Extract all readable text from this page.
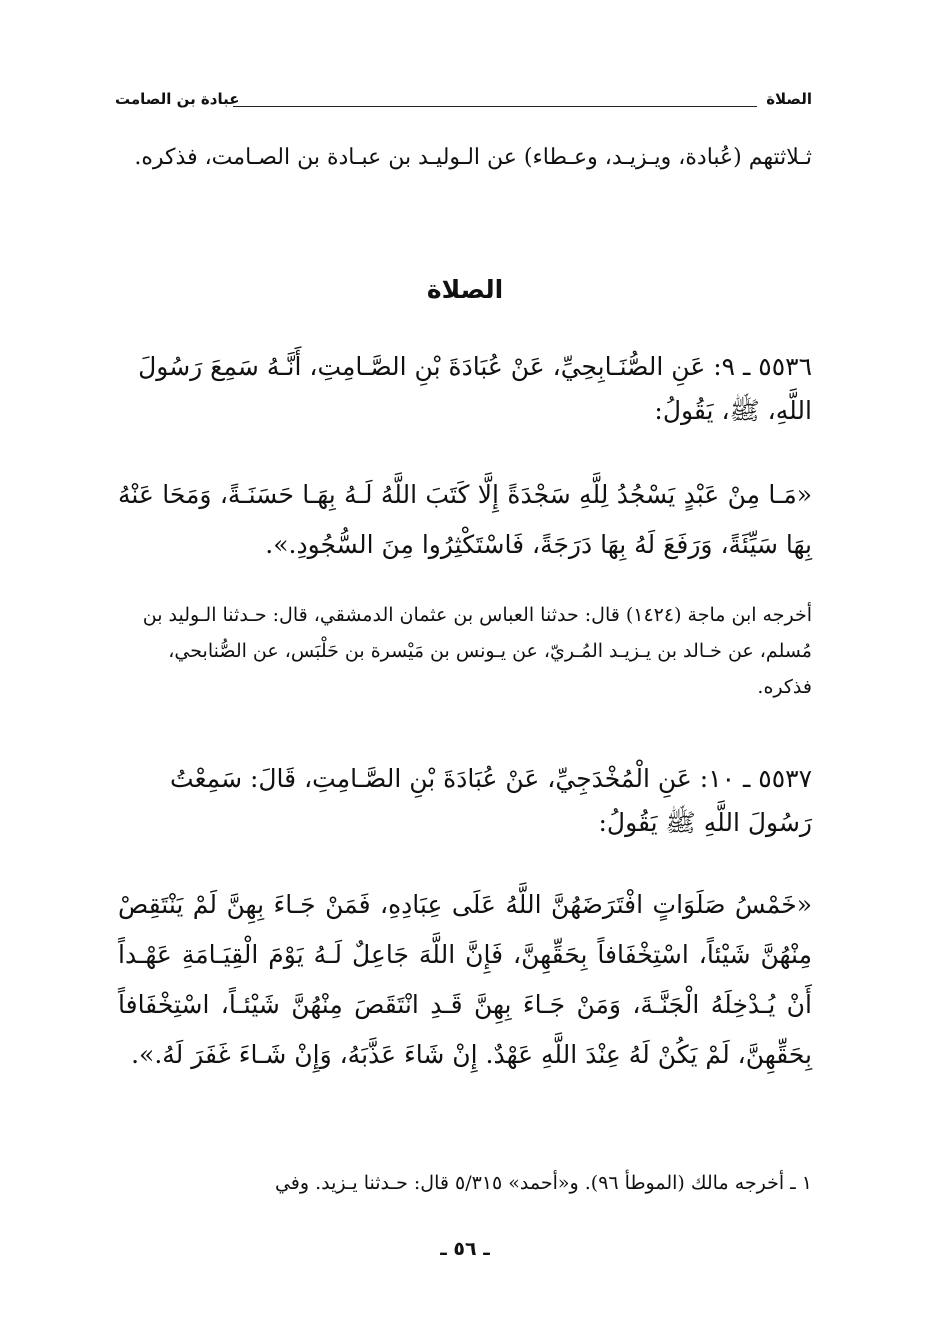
الصلاة
عبادة بن الصامت

ثـلاثتهم (عُبادة، ويـزيـد، وعـطاء) عن الـوليـد بن عبـادة بن الصـامت، فذكره.

الصلاة

٥٥٣٦ ـ ٩: عَنِ الصُّنَـابِحِيِّ، عَنْ عُبَادَةَ بْنِ الصَّـامِتِ، أَنَّـهُ سَمِعَ رَسُولَ اللَّهِ، ﷺ، يَقُولُ:

«مَـا مِنْ عَبْدٍ يَسْجُدُ لِلَّهِ سَجْدَةً إِلَّا كَتَبَ اللَّهُ لَـهُ بِهَـا حَسَنَـةً، وَمَحَا عَنْهُ بِهَا سَيِّئَةً، وَرَفَعَ لَهُ بِهَا دَرَجَةً، فَاسْتَكْثِرُوا مِنَ السُّجُودِ.».

أخرجه ابن ماجة (١٤٢٤) قال: حدثنا العباس بن عثمان الدمشقي، قال: حـدثنا الـوليد بن مُسلم، عن خـالد بن يـزيـد المُـريّ، عن يـونس بن مَيْسرة بن حَلْبَس، عن الصُّنابحي، فذكره.

٥٥٣٧ ـ ١٠: عَنِ الْمُخْدَجِيِّ، عَنْ عُبَادَةَ بْنِ الصَّـامِتِ، قَالَ: سَمِعْتُ رَسُولَ اللَّهِ ﷺ يَقُولُ:

«خَمْسُ صَلَوَاتٍ افْتَرَضَهُنَّ اللَّهُ عَلَى عِبَادِهِ، فَمَنْ جَـاءَ بِهِنَّ لَمْ يَنْتَقِصْ مِنْهُنَّ شَيْئاً، اسْتِخْفَافاً بِحَقِّهِنَّ، فَإِنَّ اللَّهَ جَاعِلٌ لَـهُ يَوْمَ الْقِيَـامَةِ عَهْـداً أَنْ يُـدْخِلَهُ الْجَنَّـةَ، وَمَنْ جَـاءَ بِهِنَّ قَـدِ انْتَقَصَ مِنْهُنَّ شَيْئـاً، اسْتِخْفَافاً بِحَقِّهِنَّ، لَمْ يَكُنْ لَهُ عِنْدَ اللَّهِ عَهْدٌ. إِنْ شَاءَ عَذَّبَهُ، وَإِنْ شَـاءَ غَفَرَ لَهُ.».

١ ـ أخرجه مالك (الموطأ ٩٦). و«أحمد» ٥/٣١٥ قال: حـدثنا يـزيد. وفي

ـ ٥٦ ـ
